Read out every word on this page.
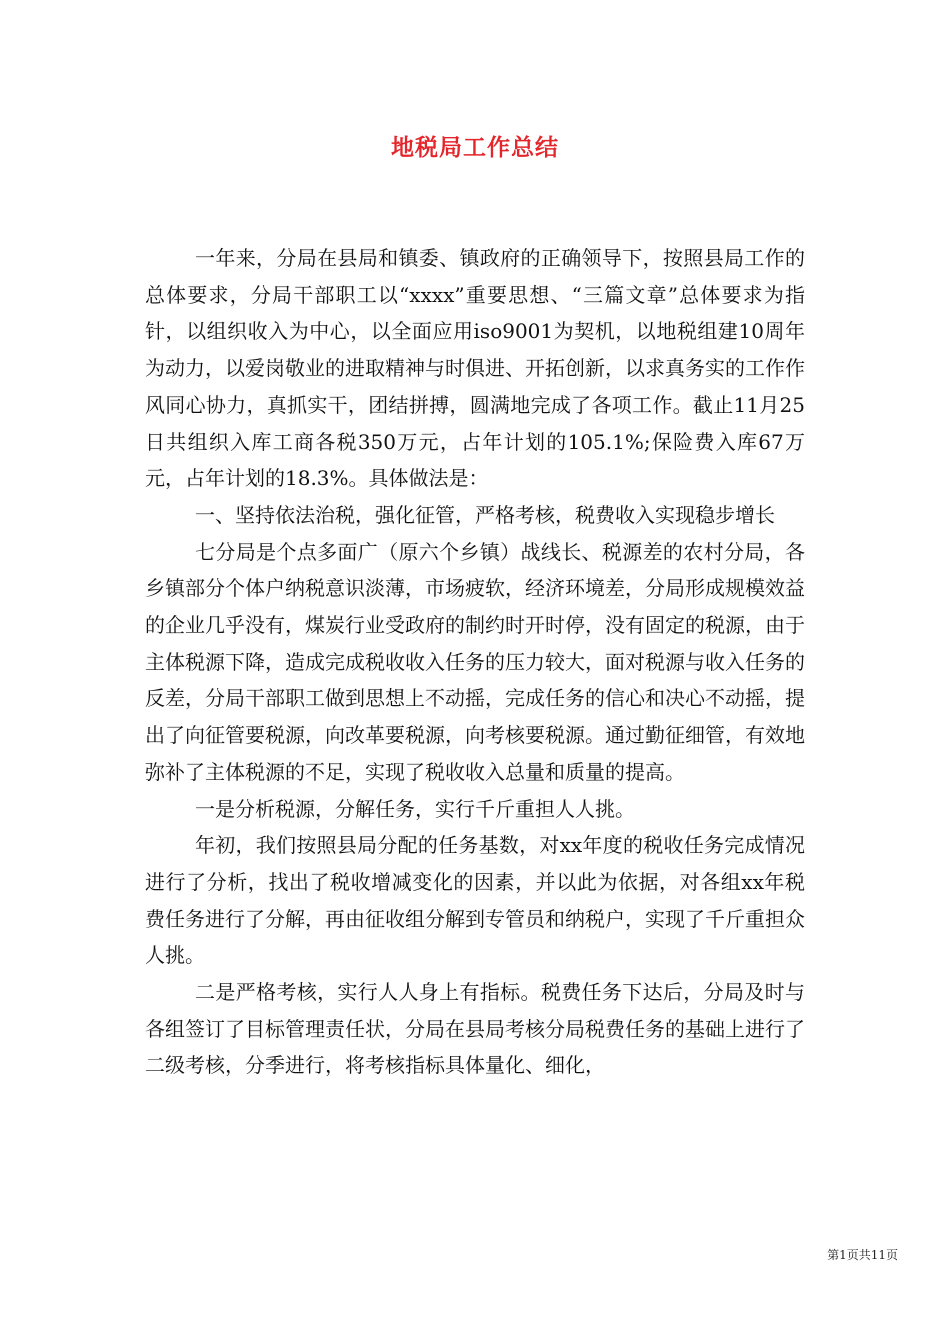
地税局工作总结

一年来，分局在县局和镇委、镇政府的正确领导下，按照县局工作的总体要求，分局干部职工以“xxxx”重要思想、“三篇文章”总体要求为指针，以组织收入为中心，以全面应用iso9001为契机，以地税组建10周年为动力，以爱岗敬业的进取精神与时俱进、开拓创新，以求真务实的工作作风同心协力，真抓实干，团结拼搏，圆满地完成了各项工作。截止11月25日共组织入库工商各税350万元，占年计划的105.1%;保险费入库67万元，占年计划的18.3%。具体做法是：

一、坚持依法治税，强化征管，严格考核，税费收入实现稳步增长

七分局是个点多面广（原六个乡镇）战线长、税源差的农村分局，各乡镇部分个体户纳税意识淡薄，市场疲软，经济环境差，分局形成规模效益的企业几乎没有，煤炭行业受政府的制约时开时停，没有固定的税源，由于主体税源下降，造成完成税收收入任务的压力较大，面对税源与收入任务的反差，分局干部职工做到思想上不动摇，完成任务的信心和决心不动摇，提出了向征管要税源，向改革要税源，向考核要税源。通过勤征细管，有效地弥补了主体税源的不足，实现了税收收入总量和质量的提高。

一是分析税源，分解任务，实行千斤重担人人挑。

年初，我们按照县局分配的任务基数，对xx年度的税收任务完成情况进行了分析，找出了税收增减变化的因素，并以此为依据，对各组xx年税费任务进行了分解，再由征收组分解到专管员和纳税户，实现了千斤重担众人挑。

二是严格考核，实行人人身上有指标。税费任务下达后，分局及时与各组签订了目标管理责任状，分局在县局考核分局税费任务的基础上进行了二级考核，分季进行，将考核指标具体量化、细化，

第1页共11页
